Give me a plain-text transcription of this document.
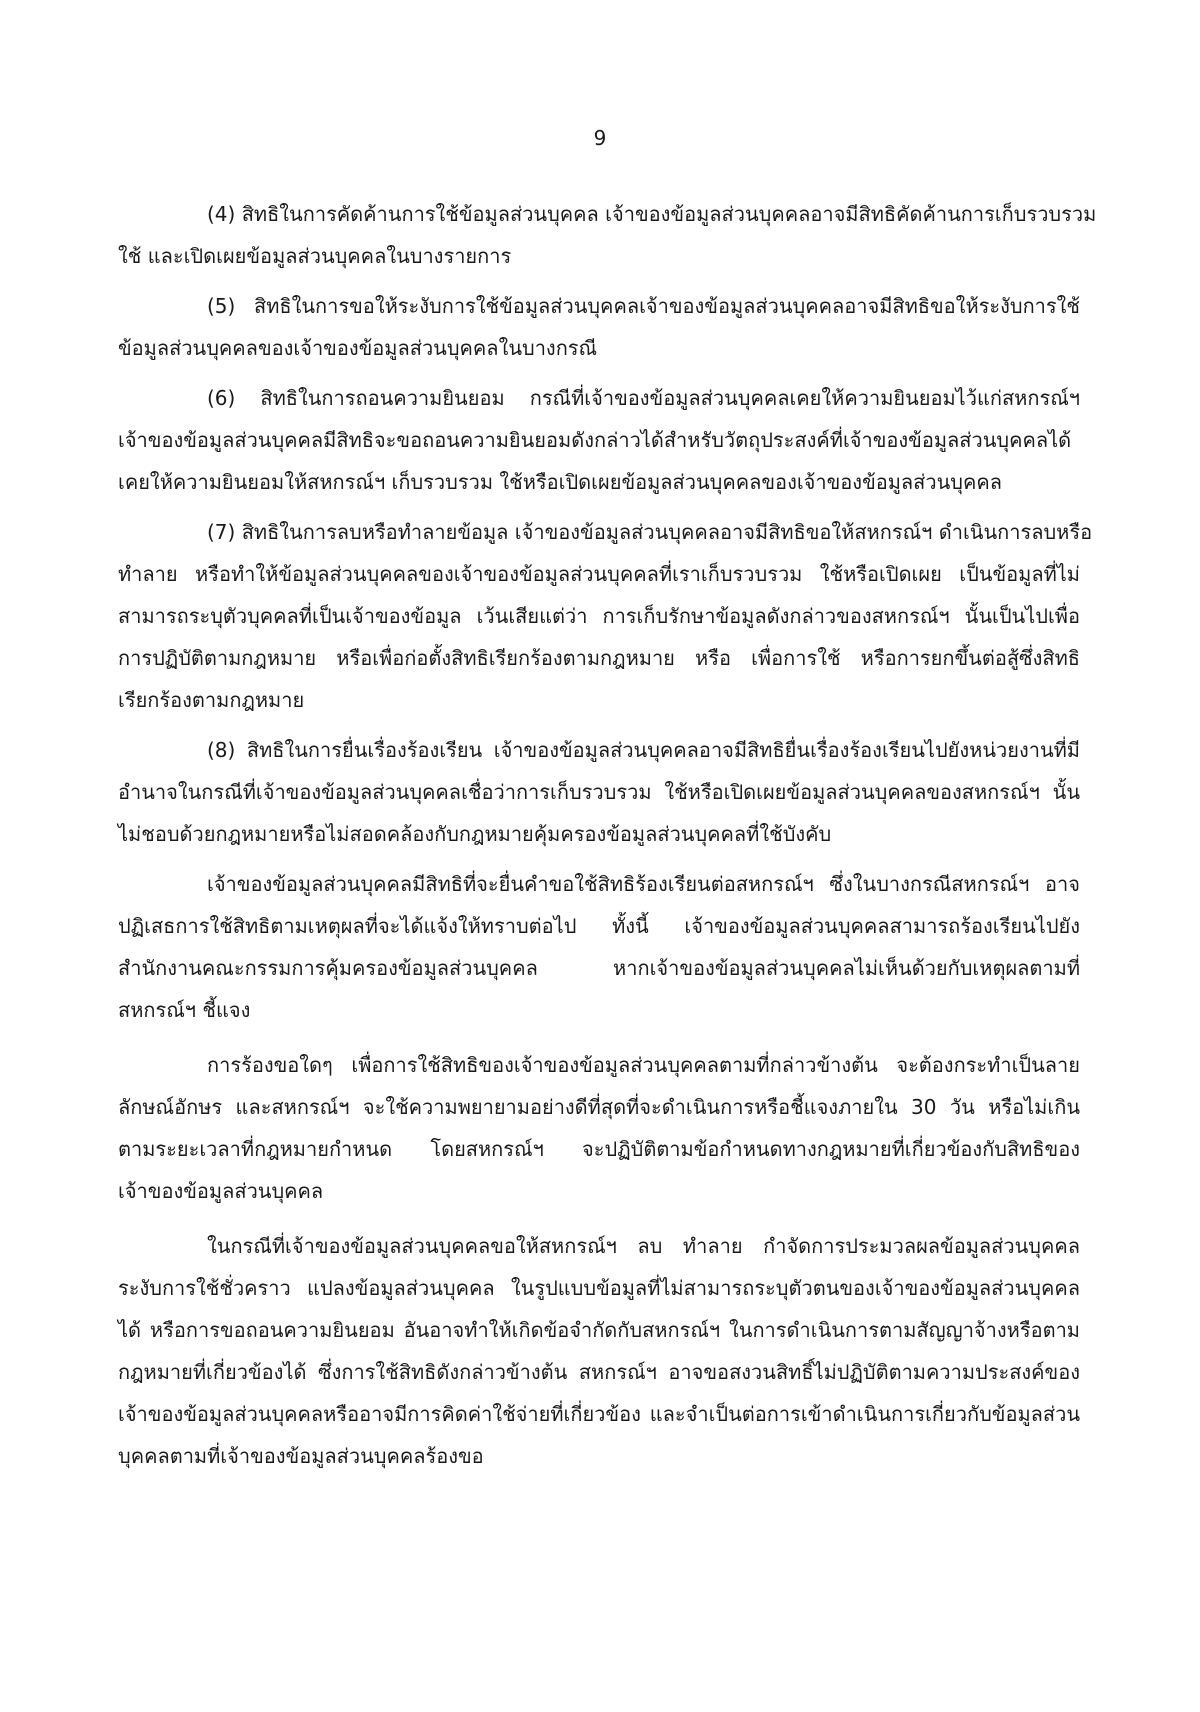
9
(4) สิทธิในการคัดค้านการใช้ข้อมูลส่วนบุคคล เจ้าของข้อมูลส่วนบุคคลอาจมีสิทธิคัดค้านการเก็บรวบรวม
ใช้ และเปิดเผยข้อมูลส่วนบุคคลในบางรายการ
(5) สิทธิในการขอให้ระงับการใช้ข้อมูลส่วนบุคคลเจ้าของข้อมูลส่วนบุคคลอาจมีสิทธิขอให้ระงับการใช้
ข้อมูลส่วนบุคคลของเจ้าของข้อมูลส่วนบุคคลในบางกรณี
(6) สิทธิในการถอนความยินยอม กรณีที่เจ้าของข้อมูลส่วนบุคคลเคยให้ความยินยอมไว้แก่สหกรณ์ฯ
เจ้าของข้อมูลส่วนบุคคลมีสิทธิจะขอถอนความยินยอมดังกล่าวได้สำหรับวัตถุประสงค์ที่เจ้าของข้อมูลส่วนบุคคลได้
เคยให้ความยินยอมให้สหกรณ์ฯ เก็บรวบรวม ใช้หรือเปิดเผยข้อมูลส่วนบุคคลของเจ้าของข้อมูลส่วนบุคคล
(7) สิทธิในการลบหรือทำลายข้อมูล เจ้าของข้อมูลส่วนบุคคลอาจมีสิทธิขอให้สหกรณ์ฯ ดำเนินการลบหรือ
ทำลาย หรือทำให้ข้อมูลส่วนบุคคลของเจ้าของข้อมูลส่วนบุคคลที่เราเก็บรวบรวม ใช้หรือเปิดเผย เป็นข้อมูลที่ไม่
สามารถระบุตัวบุคคลที่เป็นเจ้าของข้อมูล เว้นเสียแต่ว่า การเก็บรักษาข้อมูลดังกล่าวของสหกรณ์ฯ นั้นเป็นไปเพื่อ
การปฏิบัติตามกฎหมาย หรือเพื่อก่อตั้งสิทธิเรียกร้องตามกฎหมาย หรือ เพื่อการใช้ หรือการยกขึ้นต่อสู้ซึ่งสิทธิ
เรียกร้องตามกฎหมาย
(8) สิทธิในการยื่นเรื่องร้องเรียน เจ้าของข้อมูลส่วนบุคคลอาจมีสิทธิยื่นเรื่องร้องเรียนไปยังหน่วยงานที่มี
อำนาจในกรณีที่เจ้าของข้อมูลส่วนบุคคลเชื่อว่าการเก็บรวบรวม ใช้หรือเปิดเผยข้อมูลส่วนบุคคลของสหกรณ์ฯ นั้น
ไม่ชอบด้วยกฎหมายหรือไม่สอดคล้องกับกฎหมายคุ้มครองข้อมูลส่วนบุคคลที่ใช้บังคับ
เจ้าของข้อมูลส่วนบุคคลมีสิทธิที่จะยื่นคำขอใช้สิทธิร้องเรียนต่อสหกรณ์ฯ ซึ่งในบางกรณีสหกรณ์ฯ อาจ
ปฏิเสธการใช้สิทธิตามเหตุผลที่จะได้แจ้งให้ทราบต่อไป ทั้งนี้ เจ้าของข้อมูลส่วนบุคคลสามารถร้องเรียนไปยัง
สำนักงานคณะกรรมการคุ้มครองข้อมูลส่วนบุคคล หากเจ้าของข้อมูลส่วนบุคคลไม่เห็นด้วยกับเหตุผลตามที่
สหกรณ์ฯ ชี้แจง
การร้องขอใดๆ เพื่อการใช้สิทธิของเจ้าของข้อมูลส่วนบุคคลตามที่กล่าวข้างต้น จะต้องกระทำเป็นลาย
ลักษณ์อักษร และสหกรณ์ฯ จะใช้ความพยายามอย่างดีที่สุดที่จะดำเนินการหรือชี้แจงภายใน 30 วัน หรือไม่เกิน
ตามระยะเวลาที่กฎหมายกำหนด โดยสหกรณ์ฯ จะปฏิบัติตามข้อกำหนดทางกฎหมายที่เกี่ยวข้องกับสิทธิของ
เจ้าของข้อมูลส่วนบุคคล
ในกรณีที่เจ้าของข้อมูลส่วนบุคคลขอให้สหกรณ์ฯ ลบ ทำลาย กำจัดการประมวลผลข้อมูลส่วนบุคคล
ระงับการใช้ชั่วคราว แปลงข้อมูลส่วนบุคคล ในรูปแบบข้อมูลที่ไม่สามารถระบุตัวตนของเจ้าของข้อมูลส่วนบุคคล
ได้ หรือการขอถอนความยินยอม อันอาจทำให้เกิดข้อจำกัดกับสหกรณ์ฯ ในการดำเนินการตามสัญญาจ้างหรือตาม
กฎหมายที่เกี่ยวข้องได้ ซึ่งการใช้สิทธิดังกล่าวข้างต้น สหกรณ์ฯ อาจขอสงวนสิทธิ์ไม่ปฏิบัติตามความประสงค์ของ
เจ้าของข้อมูลส่วนบุคคลหรืออาจมีการคิดค่าใช้จ่ายที่เกี่ยวข้อง และจำเป็นต่อการเข้าดำเนินการเกี่ยวกับข้อมูลส่วน
บุคคลตามที่เจ้าของข้อมูลส่วนบุคคลร้องขอ
